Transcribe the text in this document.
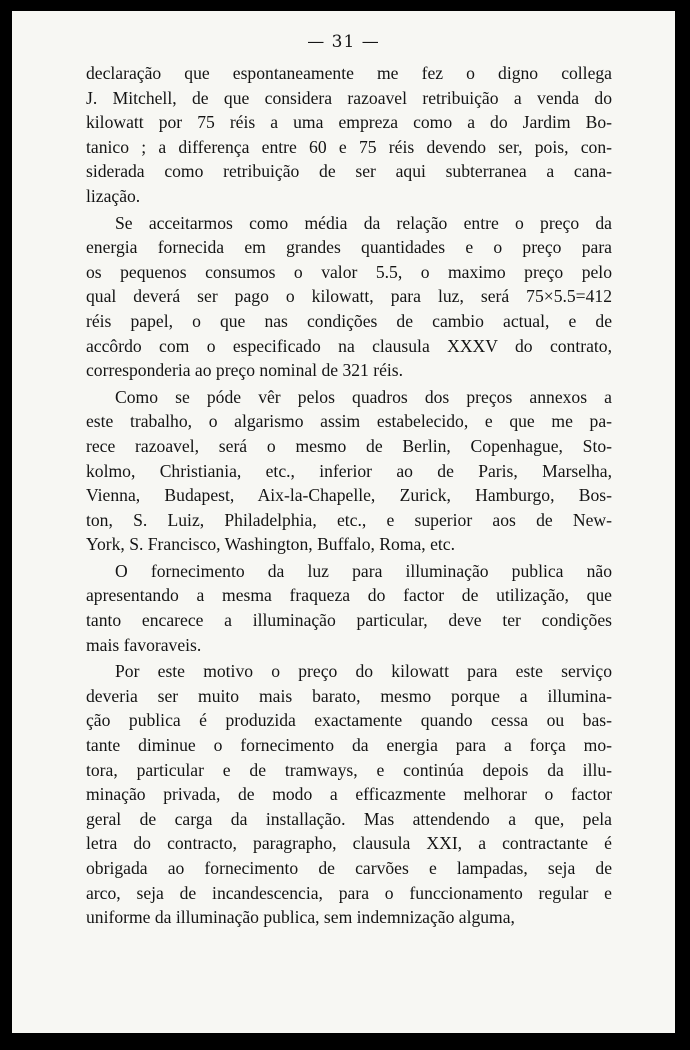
— 31 —
declaração que espontaneamente me fez o digno collega
J. Mitchell, de que considera razoavel retribuição a venda do
kilowatt por 75 réis a uma empreza como a do Jardim Bo-
tanico ; a differença entre 60 e 75 réis devendo ser, pois, con-
siderada como retribuição de ser aqui subterranea a cana-
lização.
Se acceitarmos como média da relação entre o preço da
energia fornecida em grandes quantidades e o preço para
os pequenos consumos o valor 5.5, o maximo preço pelo
qual deverá ser pago o kilowatt, para luz, será 75×5.5=412
réis papel, o que nas condições de cambio actual, e de
accôrdo com o especificado na clausula XXXV do contrato,
corresponderia ao preço nominal de 321 réis.
Como se póde vêr pelos quadros dos preços annexos a
este trabalho, o algarismo assim estabelecido, e que me pa-
rece razoavel, será o mesmo de Berlin, Copenhague, Sto-
kolmo, Christiania, etc., inferior ao de Paris, Marselha,
Vienna, Budapest, Aix-la-Chapelle, Zurick, Hamburgo, Bos-
ton, S. Luiz, Philadelphia, etc., e superior aos de New-
York, S. Francisco, Washington, Buffalo, Roma, etc.
O fornecimento da luz para illuminação publica não
apresentando a mesma fraqueza do factor de utilização, que
tanto encarece a illuminação particular, deve ter condições
mais favoraveis.
Por este motivo o preço do kilowatt para este serviço
deveria ser muito mais barato, mesmo porque a illumina-
ção publica é produzida exactamente quando cessa ou bas-
tante diminue o fornecimento da energia para a força mo-
tora, particular e de tramways, e continúa depois da illu-
minação privada, de modo a efficazmente melhorar o factor
geral de carga da installação. Mas attendendo a que, pela
letra do contracto, paragrapho, clausula XXI, a contractante é
obrigada ao fornecimento de carvões e lampadas, seja de
arco, seja de incandescencia, para o funccionamento regular e
uniforme da illuminação publica, sem indemnização alguma,
